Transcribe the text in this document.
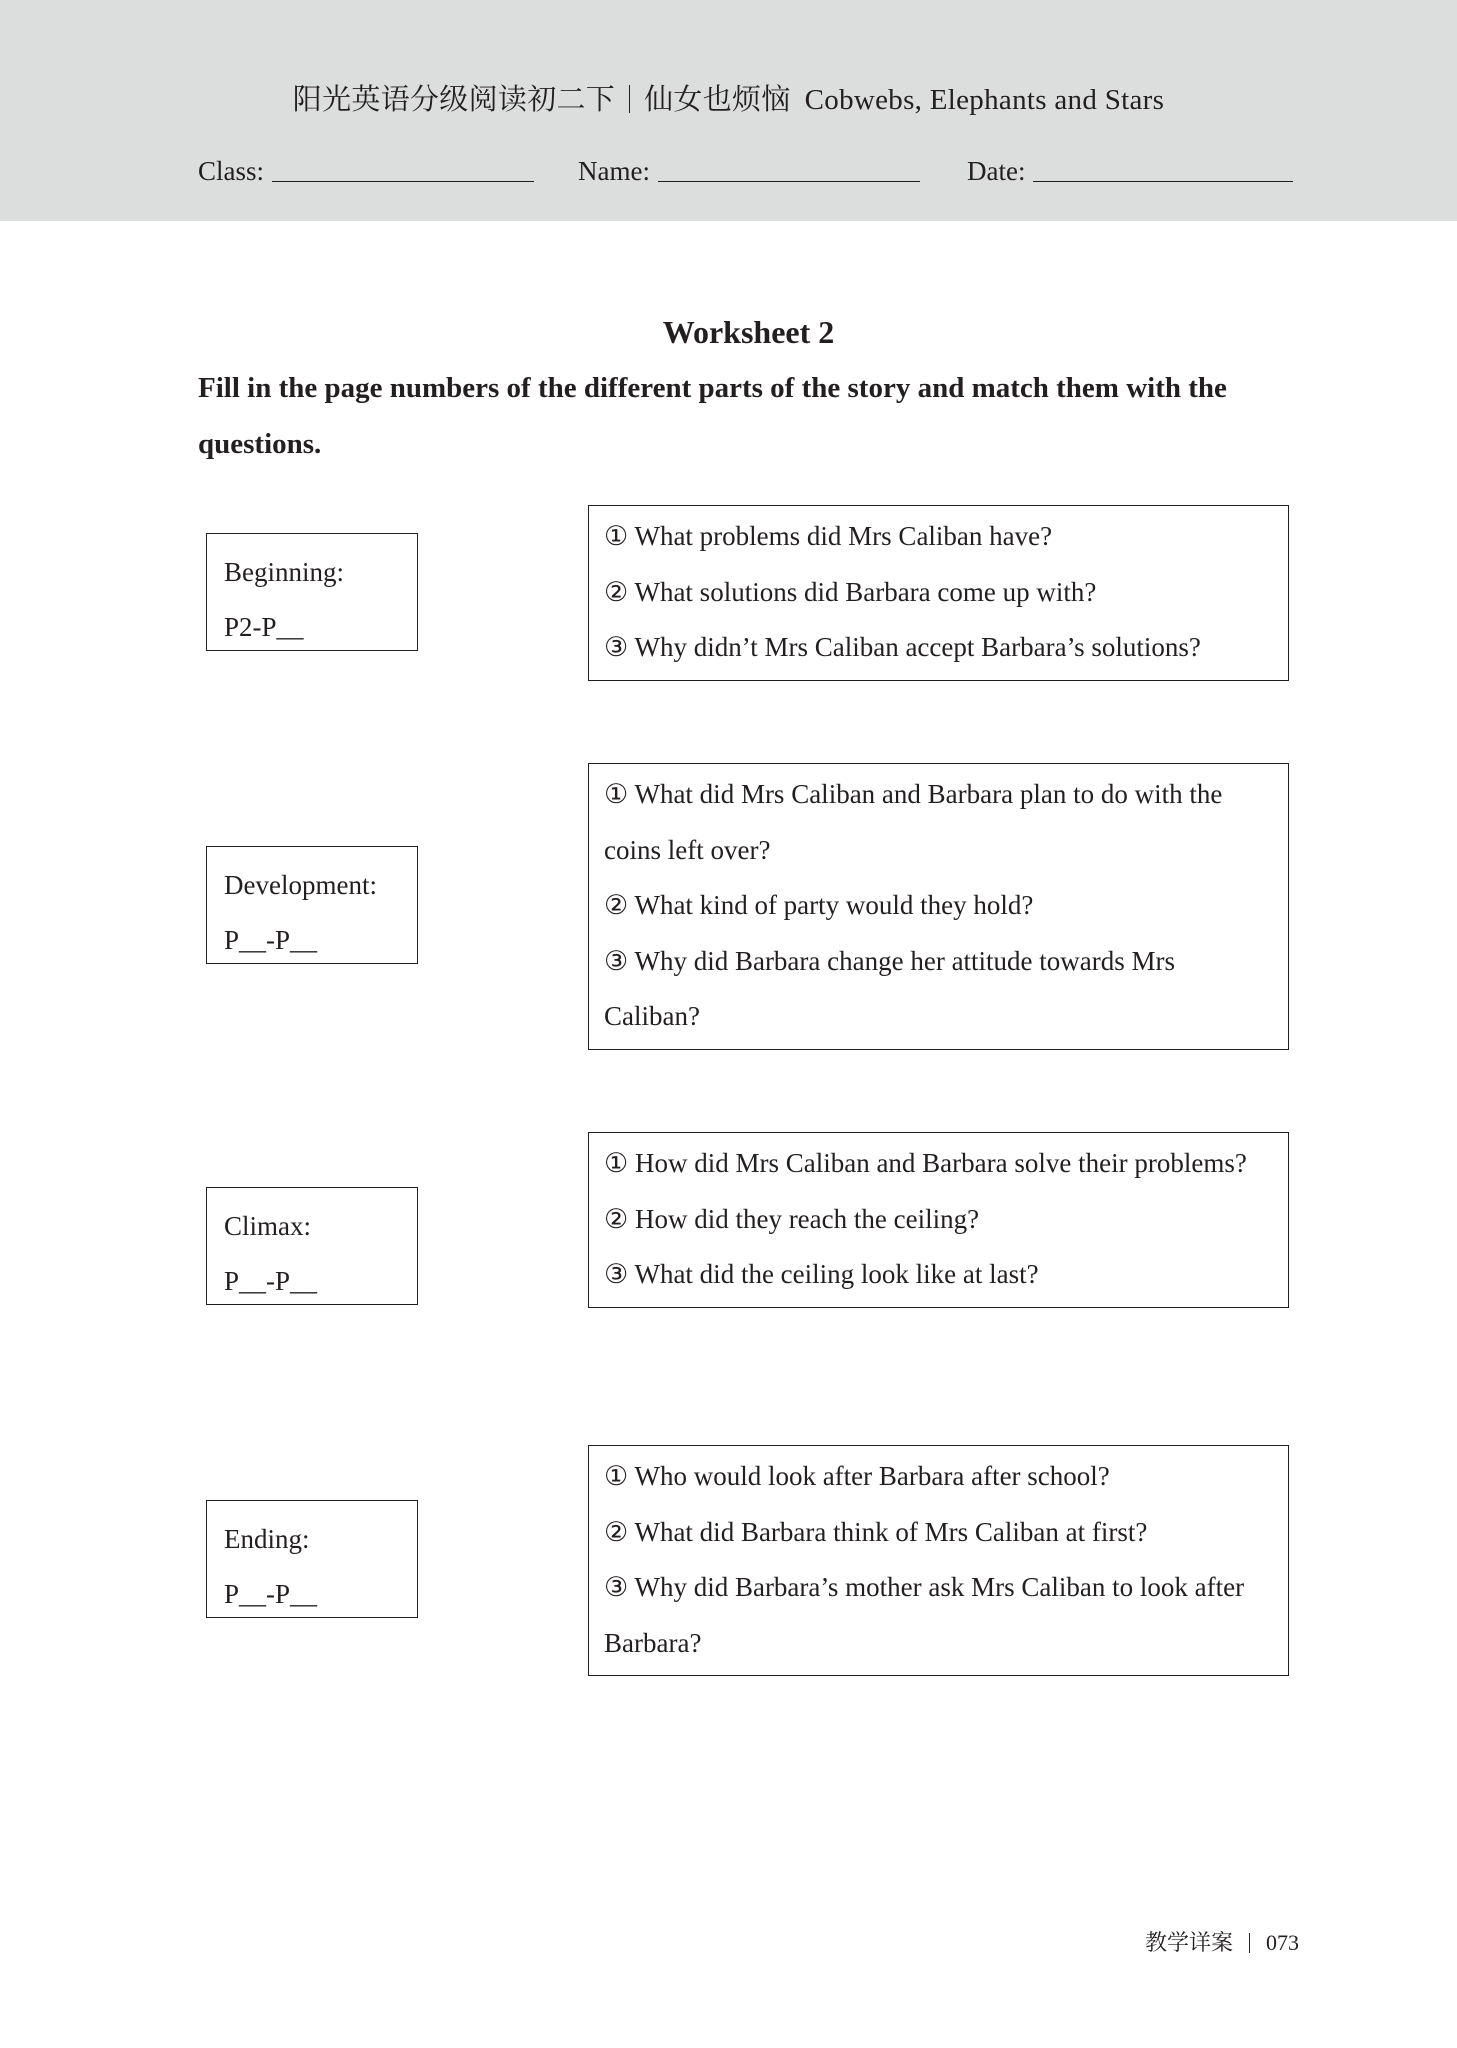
阳光英语分级阅读初二下 仙女也烦恼 Cobwebs, Elephants and Stars
Class:	Name:	Date:
Worksheet 2
Fill in the page numbers of the different parts of the story and match them with the questions.
Beginning:
P2-P__
Development:
P__-P__
Climax:
P__-P__
Ending:
P__-P__
① What problems did Mrs Caliban have?
② What solutions did Barbara come up with?
③ Why didn’t Mrs Caliban accept Barbara’s solutions?
① What did Mrs Caliban and Barbara plan to do with the coins left over?
② What kind of party would they hold?
③ Why did Barbara change her attitude towards Mrs Caliban?
① How did Mrs Caliban and Barbara solve their problems?
② How did they reach the ceiling?
③ What did the ceiling look like at last?
① Who would look after Barbara after school?
② What did Barbara think of Mrs Caliban at first?
③ Why did Barbara’s mother ask Mrs Caliban to look after Barbara?
教学详案 073
